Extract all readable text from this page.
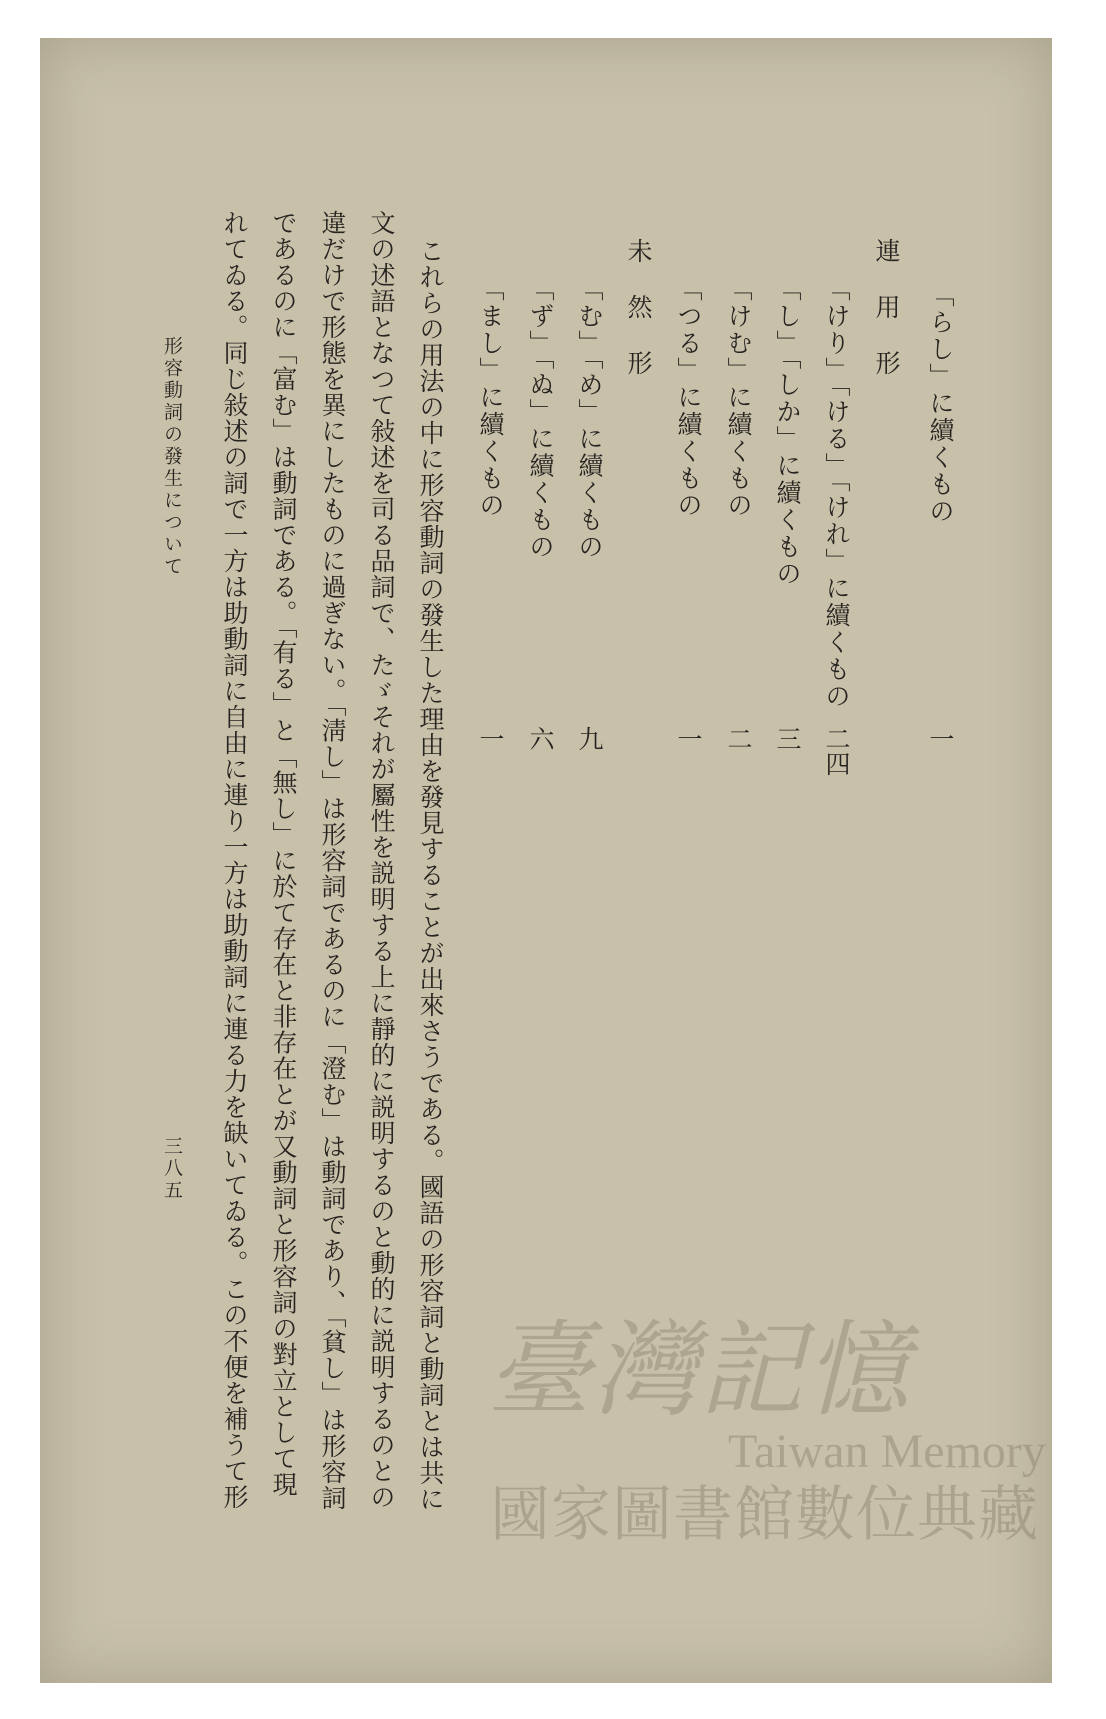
「らし」に續くもの
連　用　形
「けり」「ける」「けれ」に續くもの
「し」「しか」に續くもの
「けむ」に續くもの
「つる」に續くもの
未　然　形
「む」「め」に續くもの
「ず」「ぬ」に續くもの
「まし」に續くもの
一
二四
三
二
一
九
六
一
これらの用法の中に形容動詞の發生した理由を發見することが出來さうである。國語の形容詞と動詞とは共に
文の述語となつて敍述を司る品詞で、たゞそれが屬性を説明する上に靜的に説明するのと動的に説明するのとの
違だけで形態を異にしたものに過ぎない。「淸し」は形容詞であるのに「澄む」は動詞であり、「貧し」は形容詞
であるのに「富む」は動詞である。「有る」と「無し」に於て存在と非存在とが又動詞と形容詞の對立として現
れてゐる。同じ敍述の詞で一方は助動詞に自由に連り一方は助動詞に連る力を缺いてゐる。この不便を補うて形
形容動詞の發生について
三八五
臺灣記憶
Taiwan Memory
國家圖書館數位典藏
